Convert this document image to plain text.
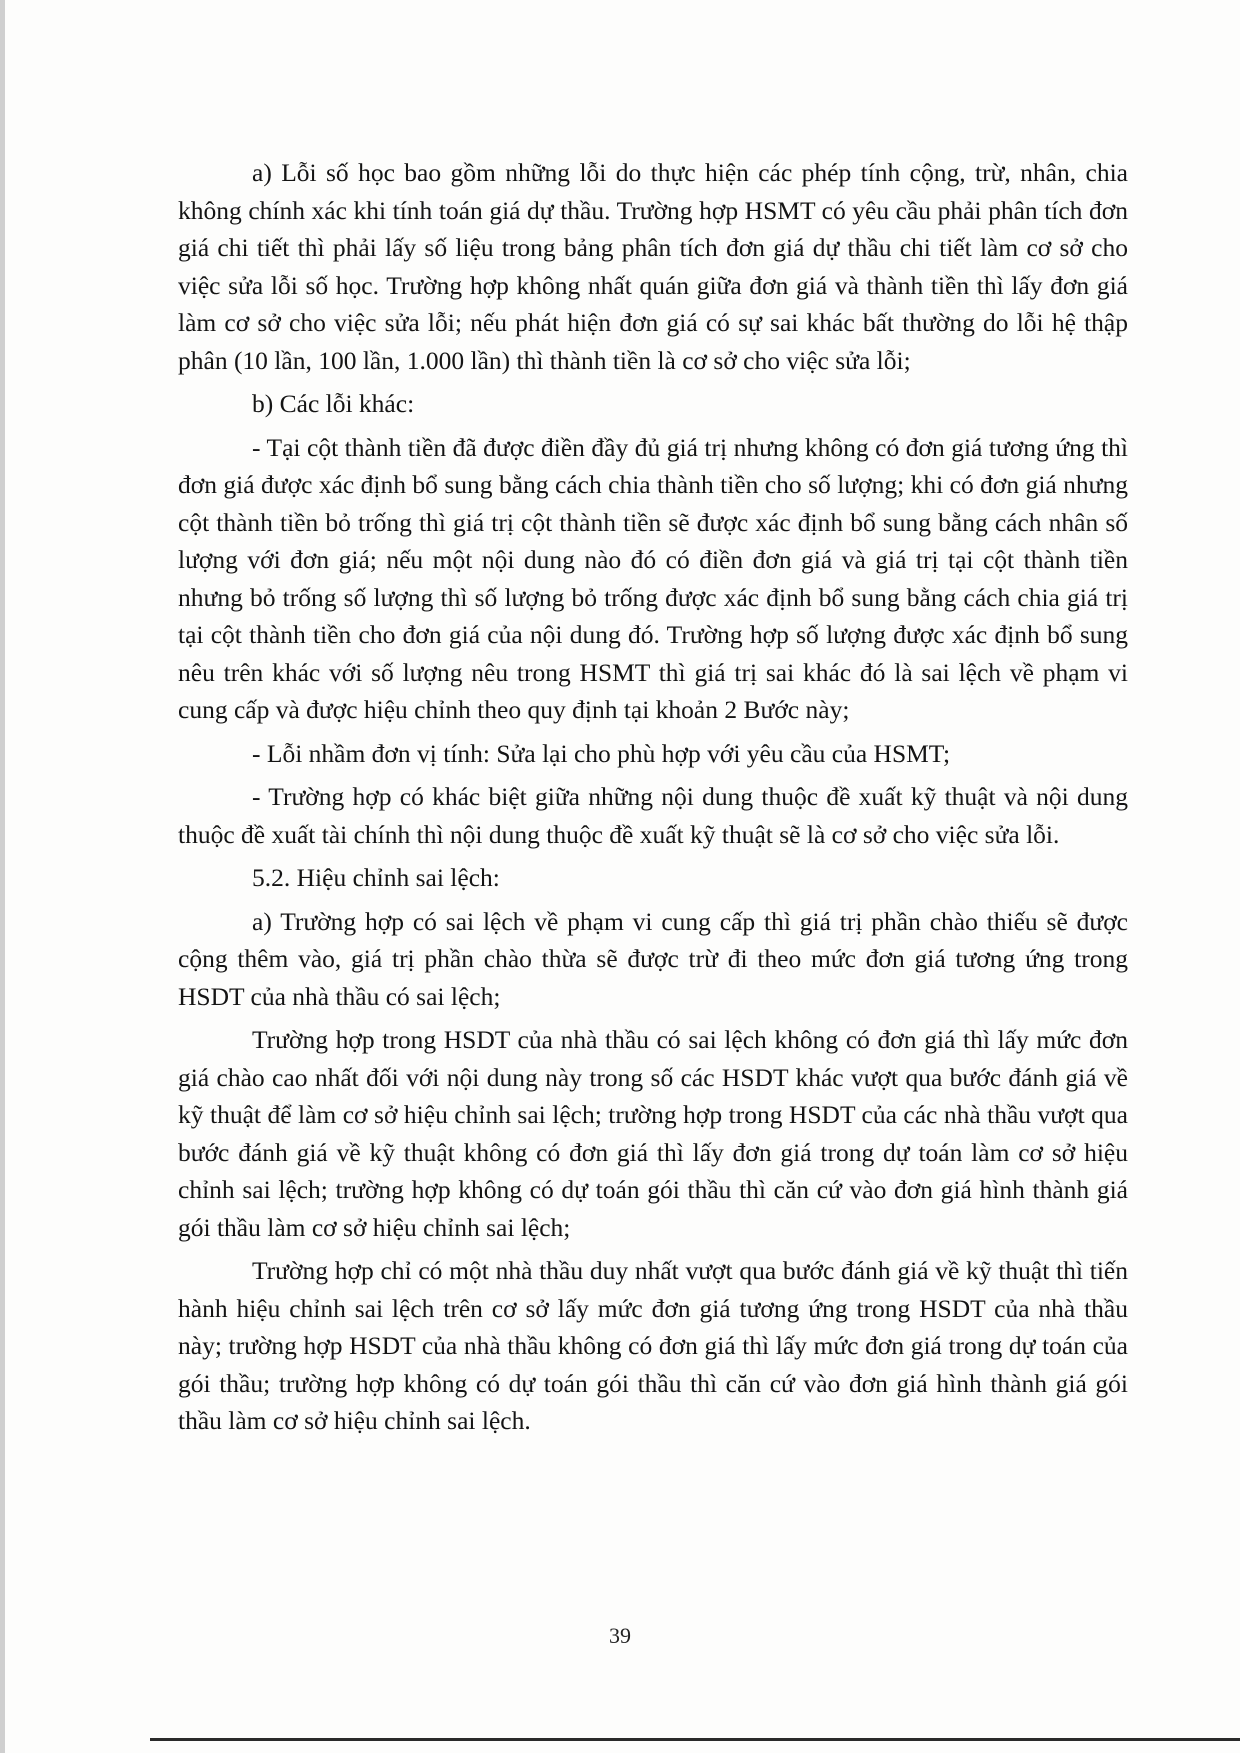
a) Lỗi số học bao gồm những lỗi do thực hiện các phép tính cộng, trừ, nhân, chia không chính xác khi tính toán giá dự thầu. Trường hợp HSMT có yêu cầu phải phân tích đơn giá chi tiết thì phải lấy số liệu trong bảng phân tích đơn giá dự thầu chi tiết làm cơ sở cho việc sửa lỗi số học. Trường hợp không nhất quán giữa đơn giá và thành tiền thì lấy đơn giá làm cơ sở cho việc sửa lỗi; nếu phát hiện đơn giá có sự sai khác bất thường do lỗi hệ thập phân (10 lần, 100 lần, 1.000 lần) thì thành tiền là cơ sở cho việc sửa lỗi;

b) Các lỗi khác:

- Tại cột thành tiền đã được điền đầy đủ giá trị nhưng không có đơn giá tương ứng thì đơn giá được xác định bổ sung bằng cách chia thành tiền cho số lượng; khi có đơn giá nhưng cột thành tiền bỏ trống thì giá trị cột thành tiền sẽ được xác định bổ sung bằng cách nhân số lượng với đơn giá; nếu một nội dung nào đó có điền đơn giá và giá trị tại cột thành tiền nhưng bỏ trống số lượng thì số lượng bỏ trống được xác định bổ sung bằng cách chia giá trị tại cột thành tiền cho đơn giá của nội dung đó. Trường hợp số lượng được xác định bổ sung nêu trên khác với số lượng nêu trong HSMT thì giá trị sai khác đó là sai lệch về phạm vi cung cấp và được hiệu chỉnh theo quy định tại khoản 2 Bước này;

- Lỗi nhầm đơn vị tính: Sửa lại cho phù hợp với yêu cầu của HSMT;

- Trường hợp có khác biệt giữa những nội dung thuộc đề xuất kỹ thuật và nội dung thuộc đề xuất tài chính thì nội dung thuộc đề xuất kỹ thuật sẽ là cơ sở cho việc sửa lỗi.

5.2. Hiệu chỉnh sai lệch:

a) Trường hợp có sai lệch về phạm vi cung cấp thì giá trị phần chào thiếu sẽ được cộng thêm vào, giá trị phần chào thừa sẽ được trừ đi theo mức đơn giá tương ứng trong HSDT của nhà thầu có sai lệch;

Trường hợp trong HSDT của nhà thầu có sai lệch không có đơn giá thì lấy mức đơn giá chào cao nhất đối với nội dung này trong số các HSDT khác vượt qua bước đánh giá về kỹ thuật để làm cơ sở hiệu chỉnh sai lệch; trường hợp trong HSDT của các nhà thầu vượt qua bước đánh giá về kỹ thuật không có đơn giá thì lấy đơn giá trong dự toán làm cơ sở hiệu chỉnh sai lệch; trường hợp không có dự toán gói thầu thì căn cứ vào đơn giá hình thành giá gói thầu làm cơ sở hiệu chỉnh sai lệch;

Trường hợp chỉ có một nhà thầu duy nhất vượt qua bước đánh giá về kỹ thuật thì tiến hành hiệu chỉnh sai lệch trên cơ sở lấy mức đơn giá tương ứng trong HSDT của nhà thầu này; trường hợp HSDT của nhà thầu không có đơn giá thì lấy mức đơn giá trong dự toán của gói thầu; trường hợp không có dự toán gói thầu thì căn cứ vào đơn giá hình thành giá gói thầu làm cơ sở hiệu chỉnh sai lệch.

39
